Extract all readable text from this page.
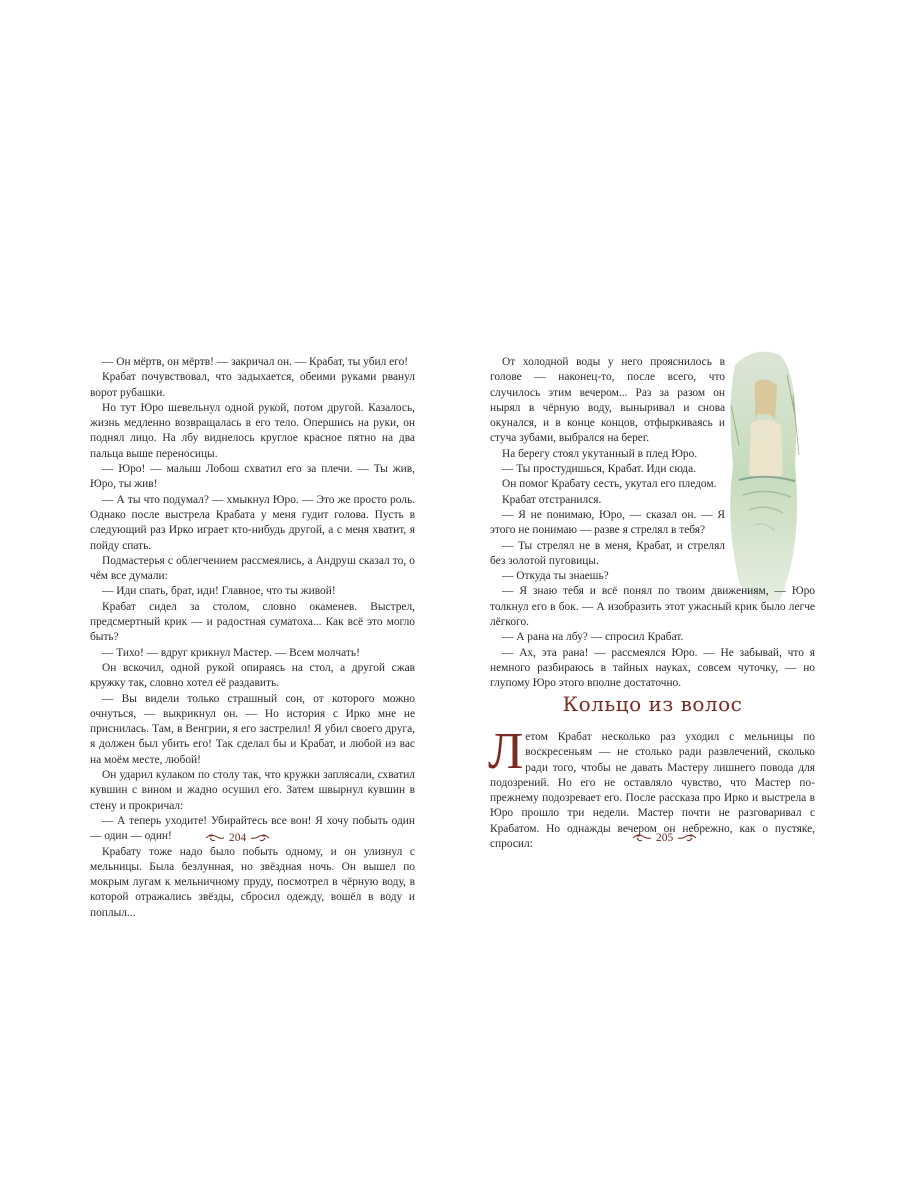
— Он мёртв, он мёртв! — закричал он. — Крабат, ты убил его!

Крабат почувствовал, что задыхается, обеими руками рванул ворот рубашки.

Но тут Юро шевельнул одной рукой, потом другой. Казалось, жизнь медленно возвращалась в его тело. Опершись на руки, он поднял лицо. На лбу виднелось круглое красное пятно на два пальца выше переносицы.

— Юро! — малыш Лобош схватил его за плечи. — Ты жив, Юро, ты жив!

— А ты что подумал? — хмыкнул Юро. — Это же просто роль. Однако после выстрела Крабата у меня гудит голова. Пусть в следующий раз Ирко играет кто-нибудь другой, а с меня хватит, я пойду спать.

Подмастерья с облегчением рассмеялись, а Андруш сказал то, о чём все думали:

— Иди спать, брат, иди! Главное, что ты живой!

Крабат сидел за столом, словно окаменев. Выстрел, предсмертный крик — и радостная суматоха... Как всё это могло быть?

— Тихо! — вдруг крикнул Мастер. — Всем молчать!

Он вскочил, одной рукой опираясь на стол, а другой сжав кружку так, словно хотел её раздавить.

— Вы видели только страшный сон, от которого можно очнуться, — выкрикнул он. — Но история с Ирко мне не приснилась. Там, в Венгрии, я его застрелил! Я убил своего друга, я должен был убить его! Так сделал бы и Крабат, и любой из вас на моём месте, любой!

Он ударил кулаком по столу так, что кружки заплясали, схватил кувшин с вином и жадно осушил его. Затем швырнул кувшин в стену и прокричал:

— А теперь уходите! Убирайтесь все вон! Я хочу побыть один — один — один!

Крабату тоже надо было побыть одному, и он улизнул с мельницы. Была безлунная, но звёздная ночь. Он вышел по мокрым лугам к мельничному пруду, посмотрел в чёрную воду, в которой отражались звёзды, сбросил одежду, вошёл в воду и поплыл...

204

От холодной воды у него прояснилось в голове — наконец-то, после всего, что случилось этим вечером... Раз за разом он нырял в чёрную воду, выныривал и снова окунался, и в конце концов, отфыркиваясь и стуча зубами, выбрался на берег.

На берегу стоял укутанный в плед Юро.

— Ты простудишься, Крабат. Иди сюда.

Он помог Крабату сесть, укутал его пледом.

Крабат отстранился.

— Я не понимаю, Юро, — сказал он. — Я этого не понимаю — разве я стрелял в тебя?

— Ты стрелял не в меня, Крабат, и стрелял без золотой пуговицы.

— Откуда ты знаешь?

— Я знаю тебя и всё понял по твоим движениям, — Юро толкнул его в бок. — А изобразить этот ужасный крик было легче лёгкого.

— А рана на лбу? — спросил Крабат.

— Ах, эта рана! — рассмеялся Юро. — Не забывай, что я немного разбираюсь в тайных науках, совсем чуточку, — но глупому Юро этого вполне достаточно.

Кольцо из волос
Л етом Крабат несколько раз уходил с мельницы по воскресеньям — не столько ради развлечений, сколько ради того, чтобы не давать Мастеру лишнего повода для подозрений. Но его не оставляло чувство, что Мастер по-прежнему подозревает его. После рассказа про Ирко и выстрела в Юро прошло три недели. Мастер почти не разговаривал с Крабатом. Но однажды вечером он небрежно, как о пустяке, спросил:

205
